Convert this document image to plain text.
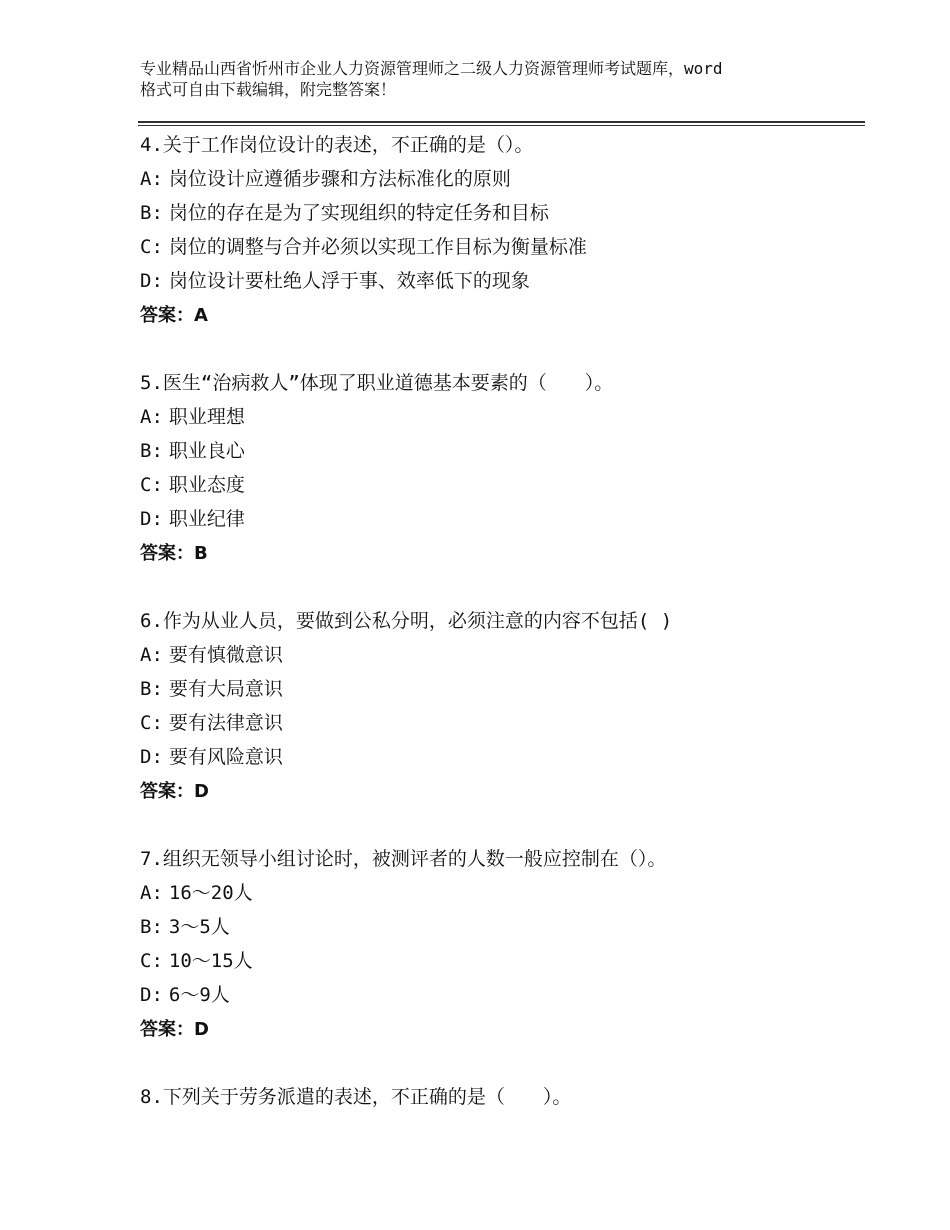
专业精品山西省忻州市企业人力资源管理师之二级人力资源管理师考试题库，word
格式可自由下载编辑，附完整答案！
4.关于工作岗位设计的表述，不正确的是（）。
A: 岗位设计应遵循步骤和方法标准化的原则
B: 岗位的存在是为了实现组织的特定任务和目标
C: 岗位的调整与合并必须以实现工作目标为衡量标准
D: 岗位设计要杜绝人浮于事、效率低下的现象
答案：A
5.医生“治病救人”体现了职业道德基本要素的（　　）。
A: 职业理想
B: 职业良心
C: 职业态度
D: 职业纪律
答案：B
6.作为从业人员，要做到公私分明，必须注意的内容不包括( )
A: 要有慎微意识
B: 要有大局意识
C: 要有法律意识
D: 要有风险意识
答案：D
7.组织无领导小组讨论时，被测评者的人数一般应控制在（）。
A: 16～20人
B: 3～5人
C: 10～15人
D: 6～9人
答案：D
8.下列关于劳务派遣的表述，不正确的是（　　）。
